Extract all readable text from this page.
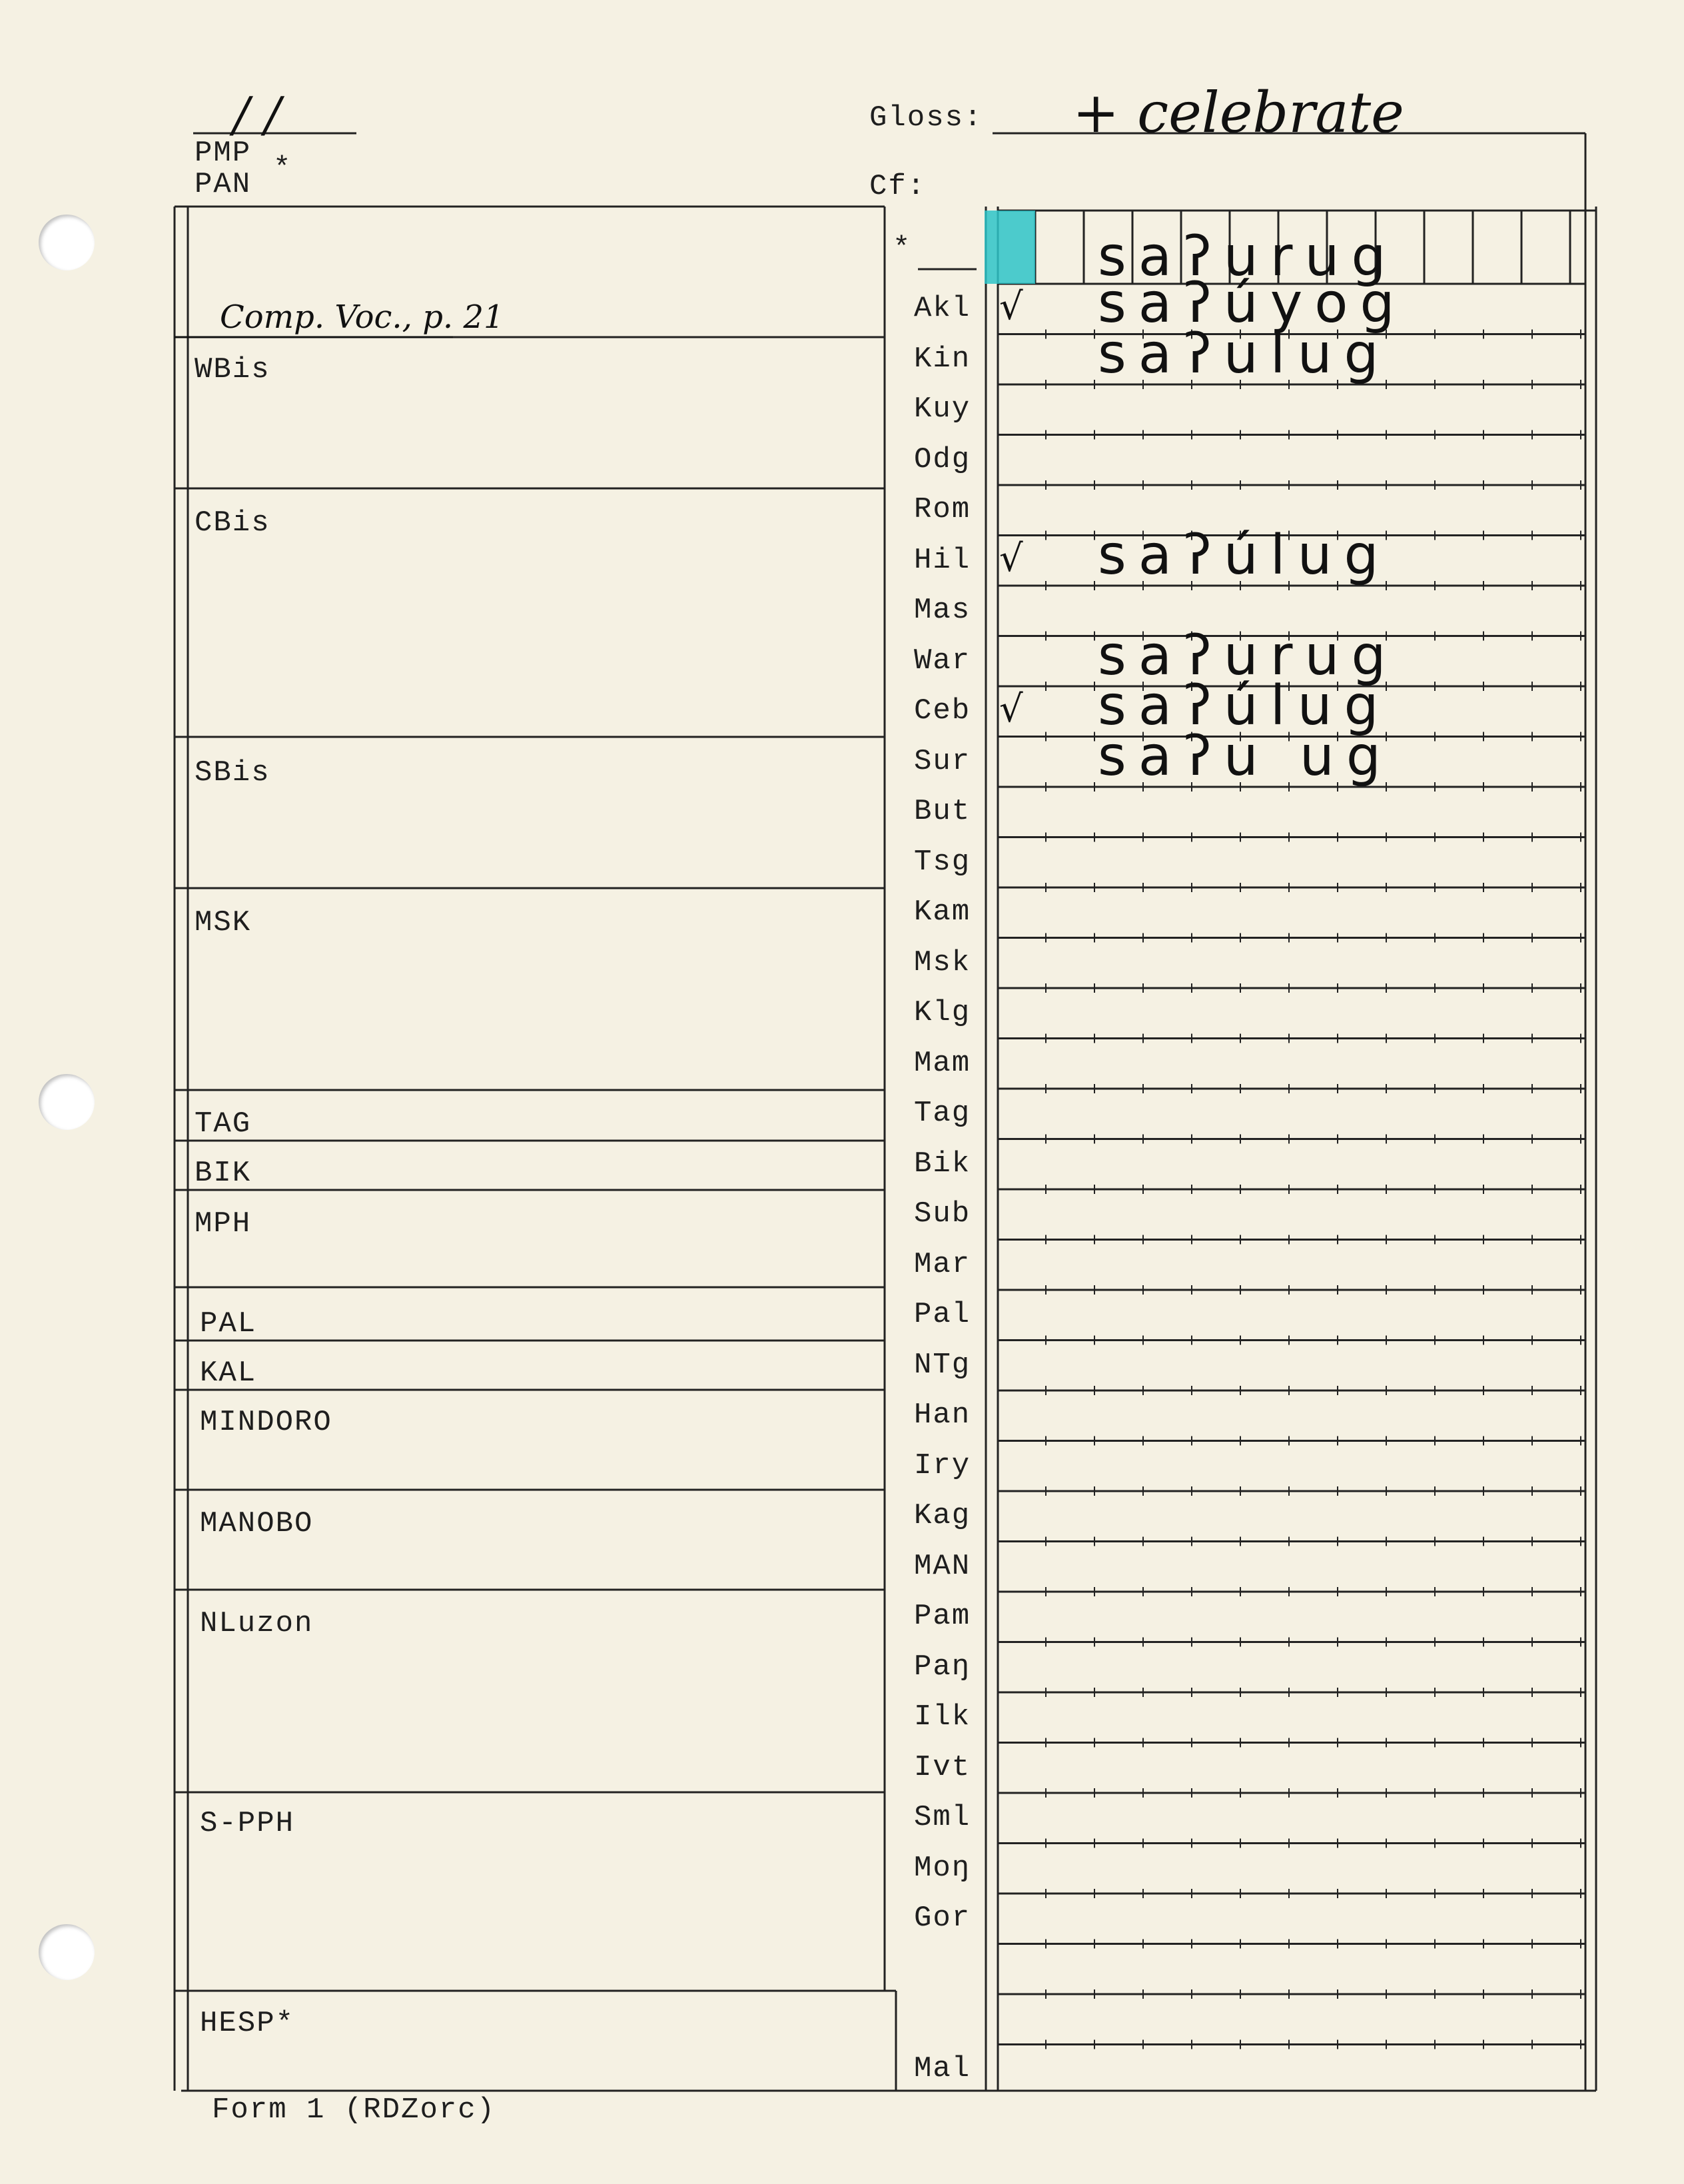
/ /
PMP
PAN *
Gloss: + celebrate
Cf:
*	saʔurug
Comp. Voc., p. 21
WBis
CBis
SBis
MSK
TAG
BIK
MPH
PAL
KAL
MINDORO
MANOBO
NLuzon
S-PPH
HESP*
Akl √ saʔúyog
Kin saʔulug
Kuy
Odg
Rom
Hil √ saʔúlug
Mas
War saʔurug
Ceb √ saʔúlug
Sur saʔu ug
But
Tsg
Kam
Msk
Klg
Mam
Tag
Bik
Sub
Mar
Pal
NTg
Han
Iry
Kag
MAN
Pam
Paŋ
Ilk
Ivt
Sml
Moŋ
Gor
Mal
Form 1 (RDZorc)
